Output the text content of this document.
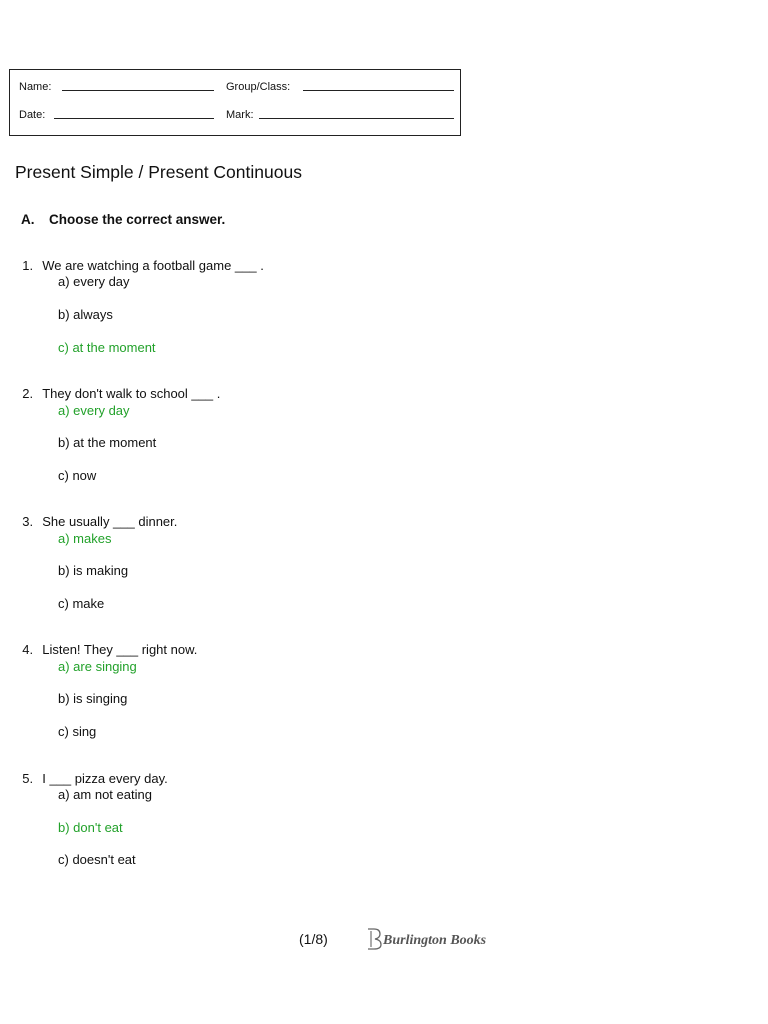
Name:	Group/Class:
Date:	Mark:
Present Simple / Present Continuous
A. Choose the correct answer.

1. We are watching a football game ___ .

a) every day
b) always
c) at the moment

2. They don't walk to school ___ .

a) every day
b) at the moment
c) now

3. She usually ___ dinner.

a) makes
b) is making
c) make

4. Listen! They ___ right now.

a) are singing
b) is singing
c) sing

5. I ___ pizza every day.

a) am not eating
b) don't eat
c) doesn't eat
(1/8)	Burlington Books
